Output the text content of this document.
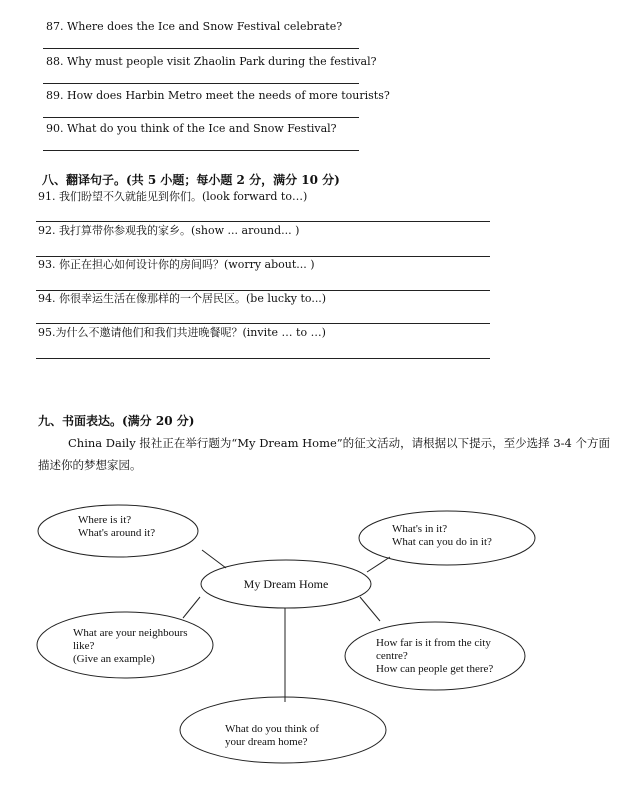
87. Where does the Ice and Snow Festival celebrate?
88. Why must people visit Zhaolin Park during the festival?
89. How does Harbin Metro meet the needs of more tourists?
90. What do you think of the Ice and Snow Festival?
八、翻译句子。(共 5 小题；每小题 2 分，满分 10 分)
91. 我们盼望不久就能见到你们。(look forward to…)
92. 我打算带你参观我的家乡。(show ... around... )
93. 你正在担心如何设计你的房间吗？(worry about... )
94. 你很幸运生活在像那样的一个居民区。(be lucky to...)
95.为什么不邀请他们和我们共进晚餐呢？(invite … to …)
九、书面表达。(满分 20 分)
China Daily 报社正在举行题为“My Dream Home”的征文活动，请根据以下提示，至少选择 3-4 个方面描述你的梦想家园。
My Dream Home
Where is it? What's around it?	What's in it? What can you do in it?
What are your neighbours like? (Give an example)
How far is it from the city centre? How can people get there?
What do you think of your dream home?
